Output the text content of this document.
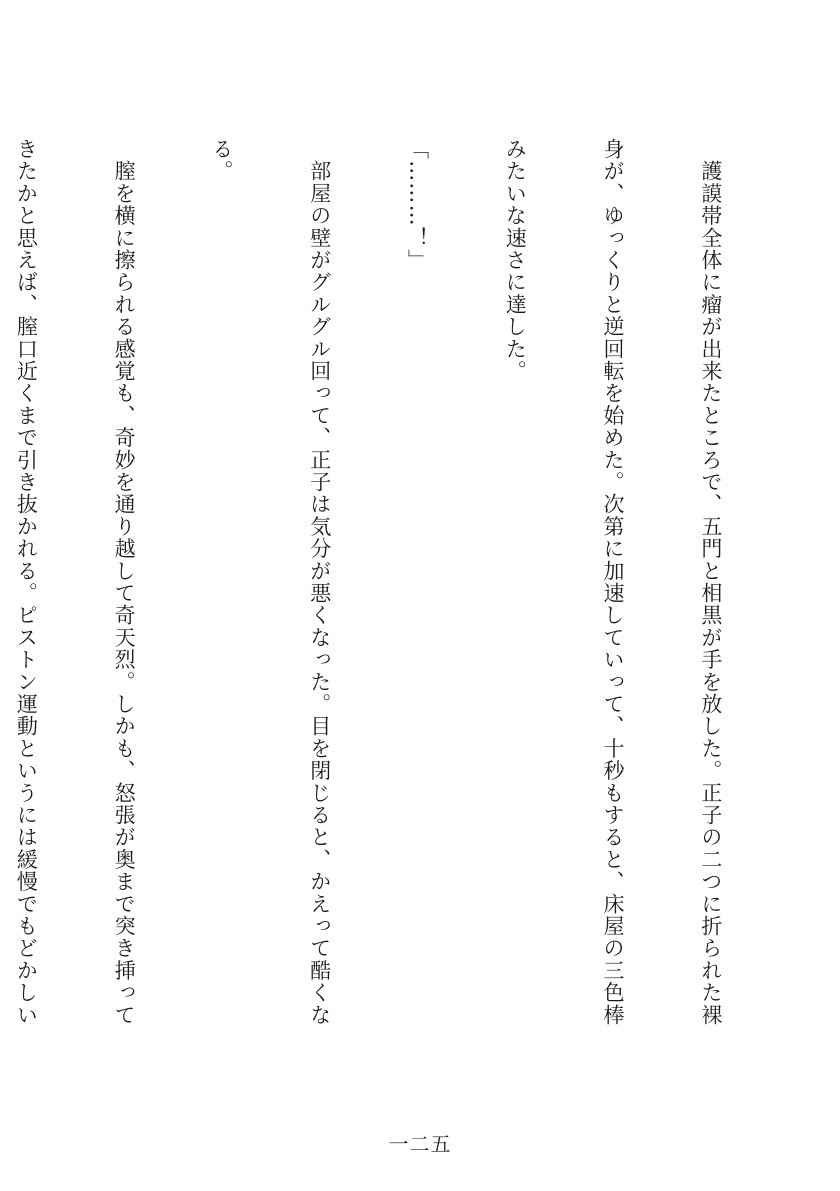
　護謨帯全体に瘤が出来たところで、五門と相黒が手を放した。正子の二つに折られた裸

身が、ゆっくりと逆回転を始めた。次第に加速していって、十秒もすると、床屋の三色棒

みたいな速さに達した。

「………！」

　部屋の壁がグルグル回って、正子は気分が悪くなった。目を閉じると、かえって酷くな

る。

　膣を横に擦られる感覚も、奇妙を通り越して奇天烈。しかも、怒張が奥まで突き挿って

きたかと思えば、膣口近くまで引き抜かれる。ピストン運動というには緩慢でもどかしい

一二五
